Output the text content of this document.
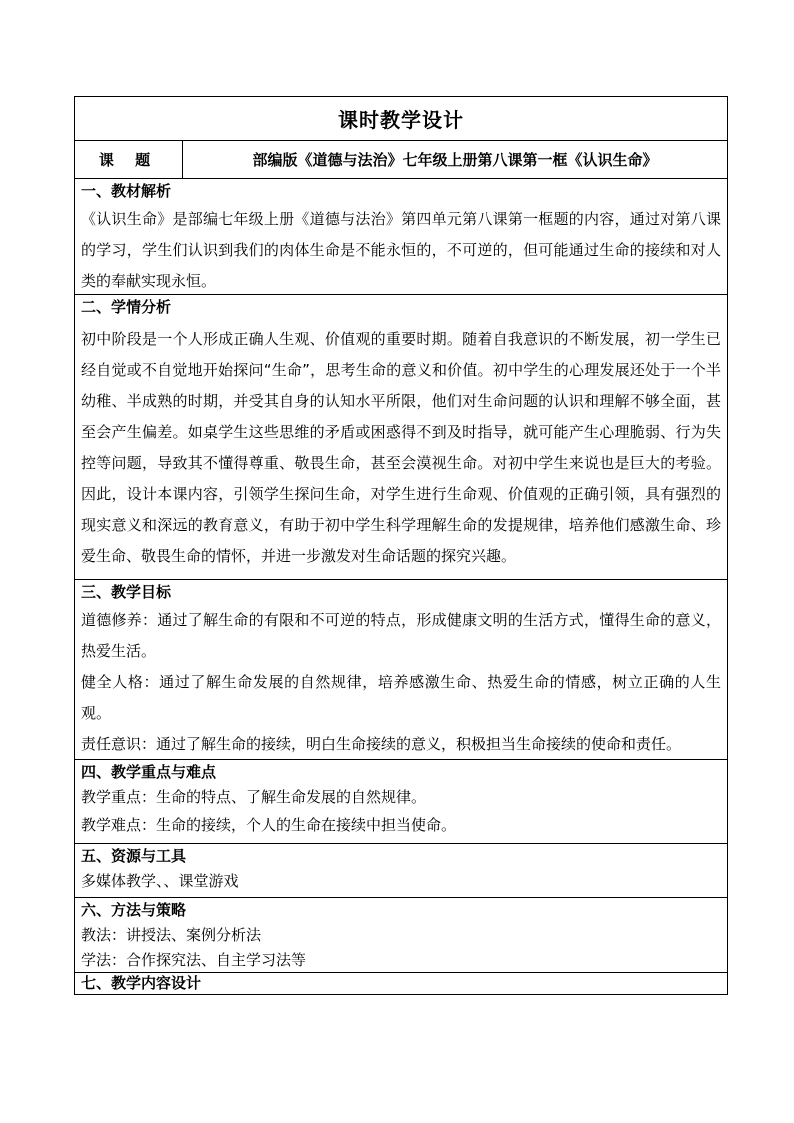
课时教学设计
课 题	部编版《道德与法治》七年级上册第八课第一框《认识生命》
一、教材解析

《认识生命》是部编七年级上册《道德与法治》第四单元第八课第一框题的内容，通过对第八课的学习，学生们认识到我们的肉体生命是不能永恒的，不可逆的，但可能通过生命的接续和对人类的奉献实现永恒。

二、学情分析

初中阶段是一个人形成正确人生观、价值观的重要时期。随着自我意识的不断发展，初一学生已经自觉或不自觉地开始探问“生命”，思考生命的意义和价值。初中学生的心理发展还处于一个半幼稚、半成熟的时期，并受其自身的认知水平所限，他们对生命问题的认识和理解不够全面，甚至会产生偏差。如桌学生这些思维的矛盾或困惑得不到及时指导，就可能产生心理脆弱、行为失控等问题，导致其不懂得尊重、敬畏生命，甚至会漠视生命。对初中学生来说也是巨大的考验。因此，设计本课内容，引领学生探问生命，对学生进行生命观、价值观的正确引领，具有强烈的现实意义和深远的教育意义，有助于初中学生科学理解生命的发提规律，培养他们感激生命、珍爱生命、敬畏生命的情怀，并进一步激发对生命话题的探究兴趣。

三、教学目标

道德修养：通过了解生命的有限和不可逆的特点，形成健康文明的生活方式，懂得生命的意义，热爱生活。

健全人格：通过了解生命发展的自然规律，培养感激生命、热爱生命的情感，树立正确的人生观。

责任意识：通过了解生命的接续，明白生命接续的意义，积极担当生命接续的使命和责任。

四、教学重点与难点

教学重点：生命的特点、了解生命发展的自然规律。

教学难点：生命的接续，个人的生命在接续中担当使命。

五、资源与工具

多媒体教学、、课堂游戏

六、方法与策略

教法：讲授法、案例分析法

学法：合作探究法、自主学习法等

七、教学内容设计
